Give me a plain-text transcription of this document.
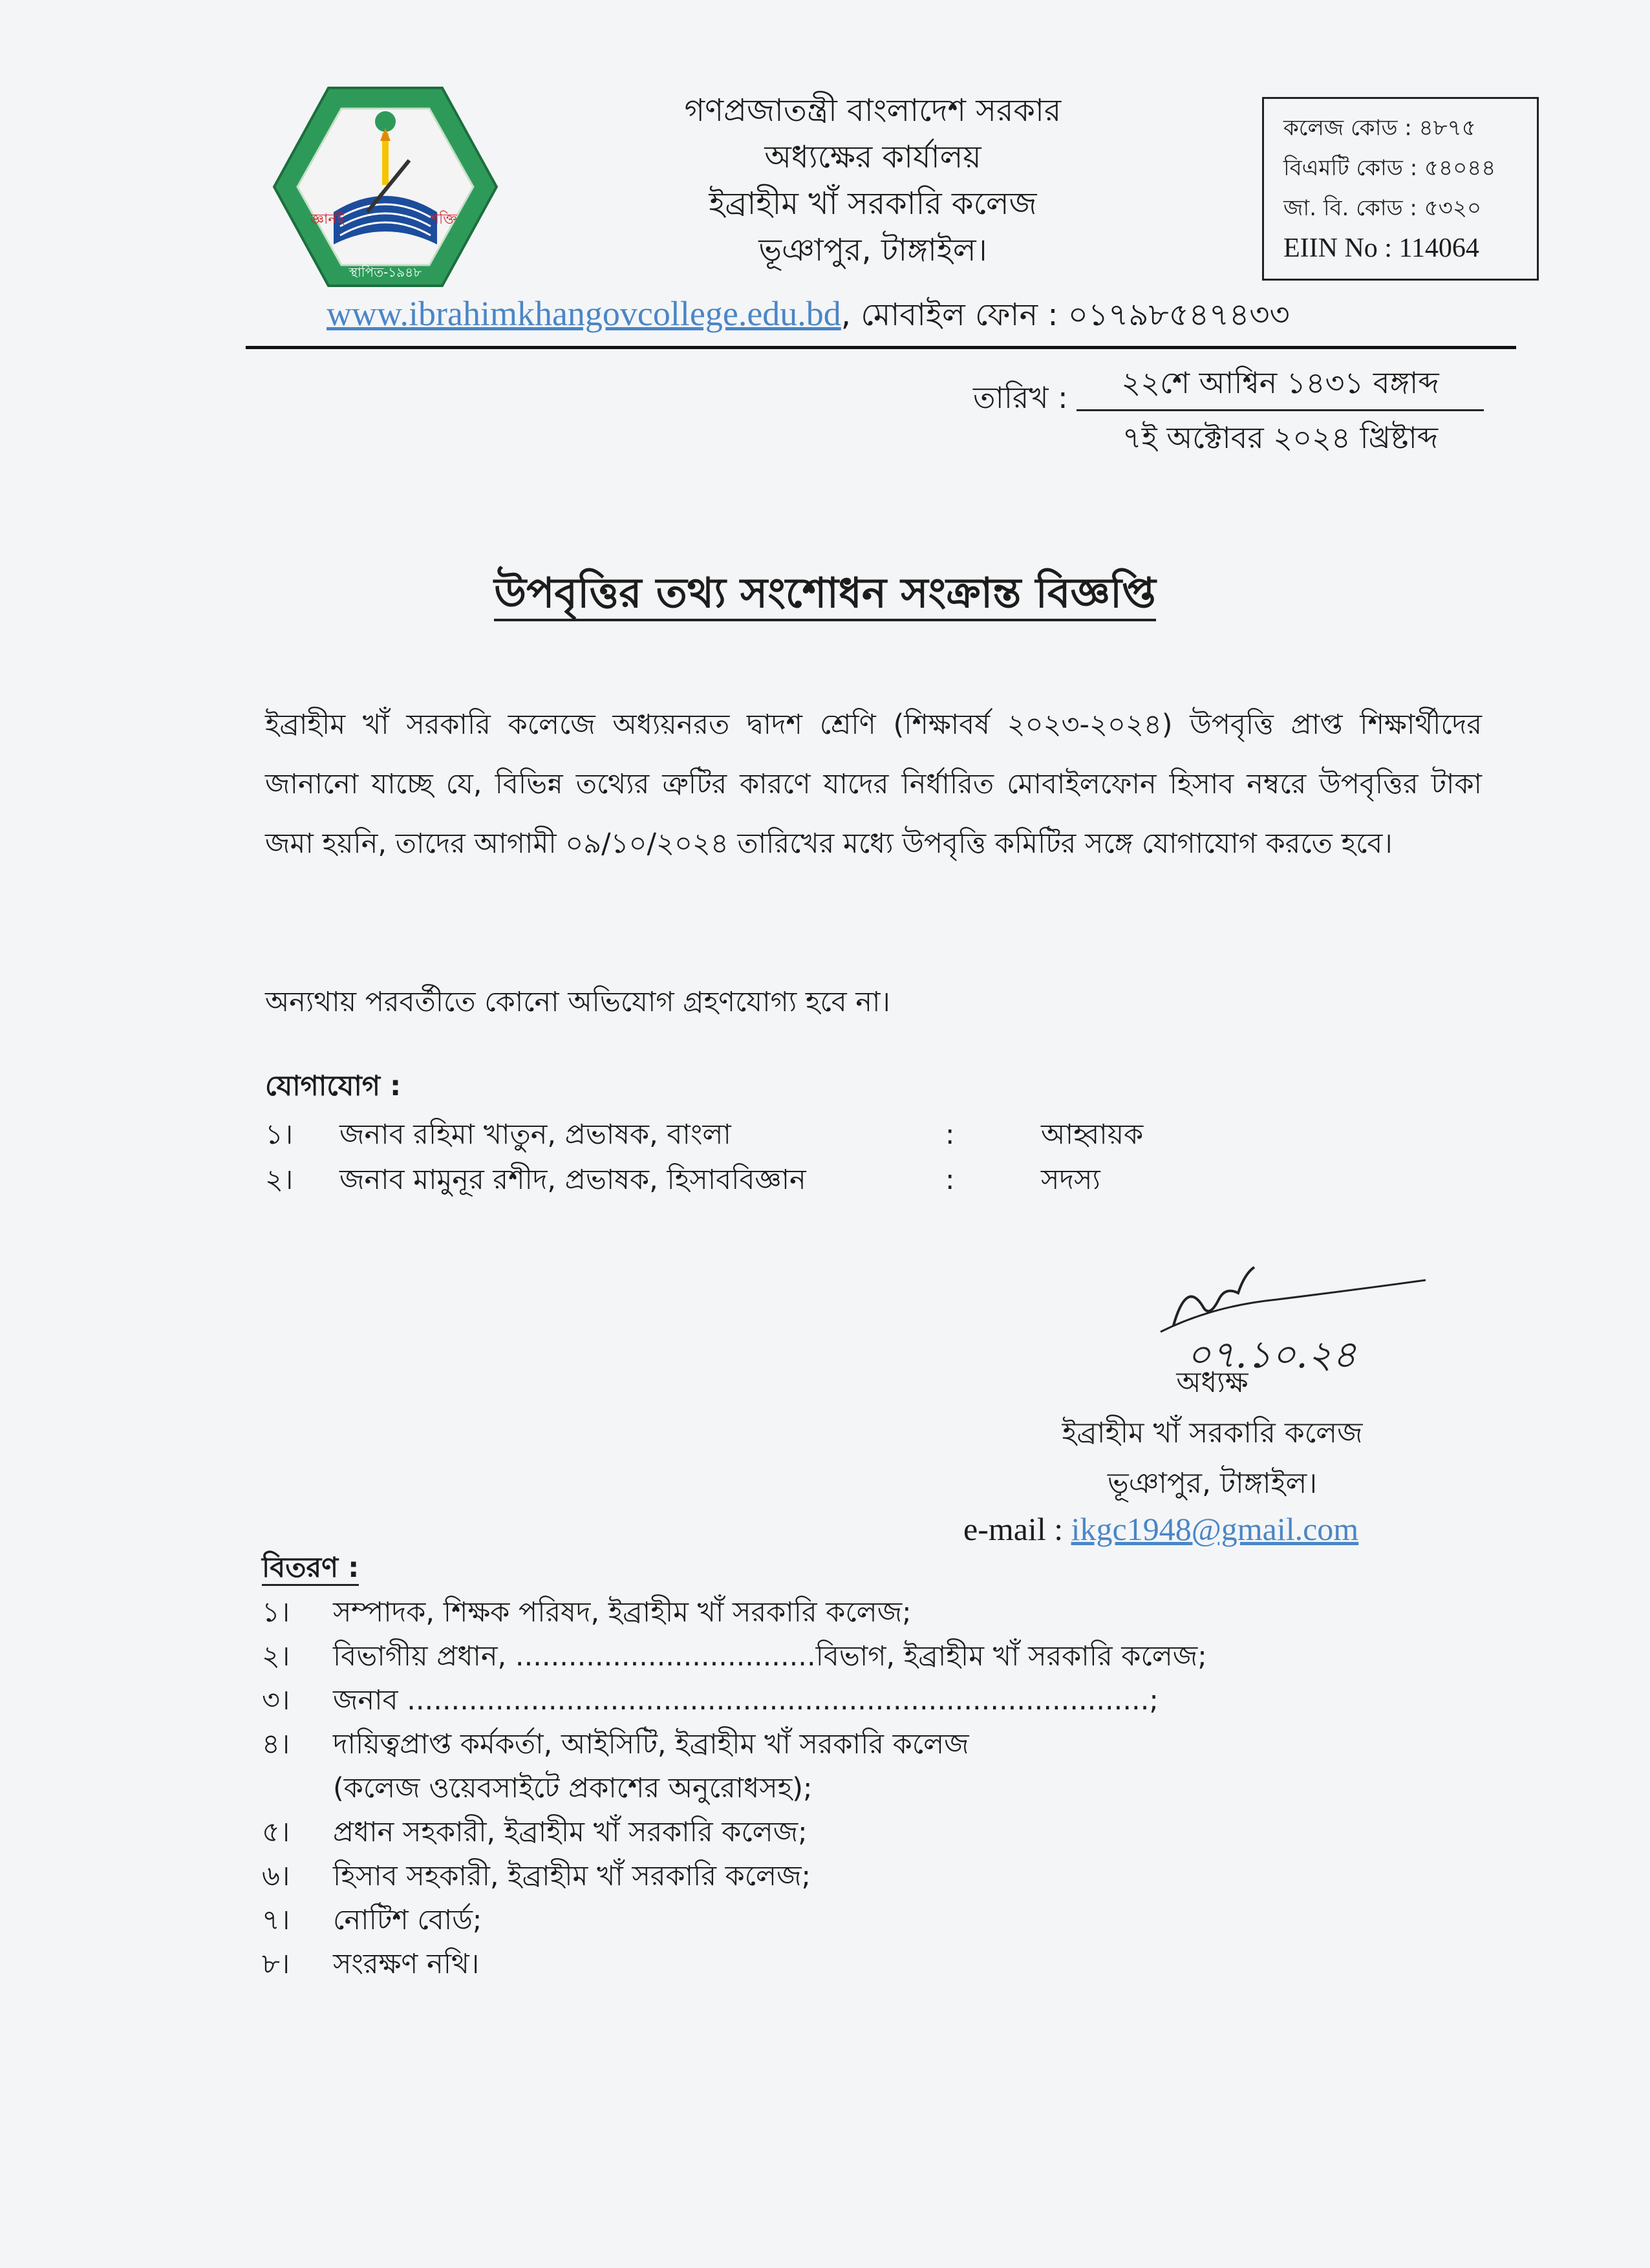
জ্ঞানই	শক্তি
স্থাপিত-১৯৪৮
গণপ্রজাতন্ত্রী বাংলাদেশ সরকার
অধ্যক্ষের কার্যালয়
ইব্রাহীম খাঁ সরকারি কলেজ
ভূঞাপুর, টাঙ্গাইল।
কলেজ কোড : ৪৮৭৫
বিএমটি কোড : ৫৪০৪৪
জা. বি. কোড : ৫৩২০
EIIN No : 114064
www.ibrahimkhangovcollege.edu.bd, মোবাইল ফোন : ০১৭৯৮৫৪৭৪৩৩
তারিখ :	২২শে আশ্বিন ১৪৩১ বঙ্গাব্দ
৭ই অক্টোবর ২০২৪ খ্রিষ্টাব্দ
উপবৃত্তির তথ্য সংশোধন সংক্রান্ত বিজ্ঞপ্তি
ইব্রাহীম খাঁ সরকারি কলেজে অধ্যয়নরত দ্বাদশ শ্রেণি (শিক্ষাবর্ষ ২০২৩-২০২৪) উপবৃত্তি প্রাপ্ত শিক্ষার্থীদের জানানো যাচ্ছে যে, বিভিন্ন তথ্যের ত্রুটির কারণে যাদের নির্ধারিত মোবাইলফোন হিসাব নম্বরে উপবৃত্তির টাকা জমা হয়নি, তাদের আগামী ০৯/১০/২০২৪ তারিখের মধ্যে উপবৃত্তি কমিটির সঙ্গে যোগাযোগ করতে হবে।
অন্যথায় পরবর্তীতে কোনো অভিযোগ গ্রহণযোগ্য হবে না।
যোগাযোগ :
১। জনাব রহিমা খাতুন, প্রভাষক, বাংলা	:	আহ্বায়ক
২। জনাব মামুনূর রশীদ, প্রভাষক, হিসাববিজ্ঞান	:	সদস্য
০৭.১০.২৪
অধ্যক্ষ
ইব্রাহীম খাঁ সরকারি কলেজ
ভূঞাপুর, টাঙ্গাইল।
e-mail : ikgc1948@gmail.com
বিতরণ :
১। সম্পাদক, শিক্ষক পরিষদ, ইব্রাহীম খাঁ সরকারি কলেজ;
২। বিভাগীয় প্রধান, ..................................বিভাগ, ইব্রাহীম খাঁ সরকারি কলেজ;
৩। জনাব ....................................................................................;
৪। দায়িত্বপ্রাপ্ত কর্মকর্তা, আইসিটি, ইব্রাহীম খাঁ সরকারি কলেজ
(কলেজ ওয়েবসাইটে প্রকাশের অনুরোধসহ);
৫। প্রধান সহকারী, ইব্রাহীম খাঁ সরকারি কলেজ;
৬। হিসাব সহকারী, ইব্রাহীম খাঁ সরকারি কলেজ;
৭। নোটিশ বোর্ড;
৮। সংরক্ষণ নথি।
